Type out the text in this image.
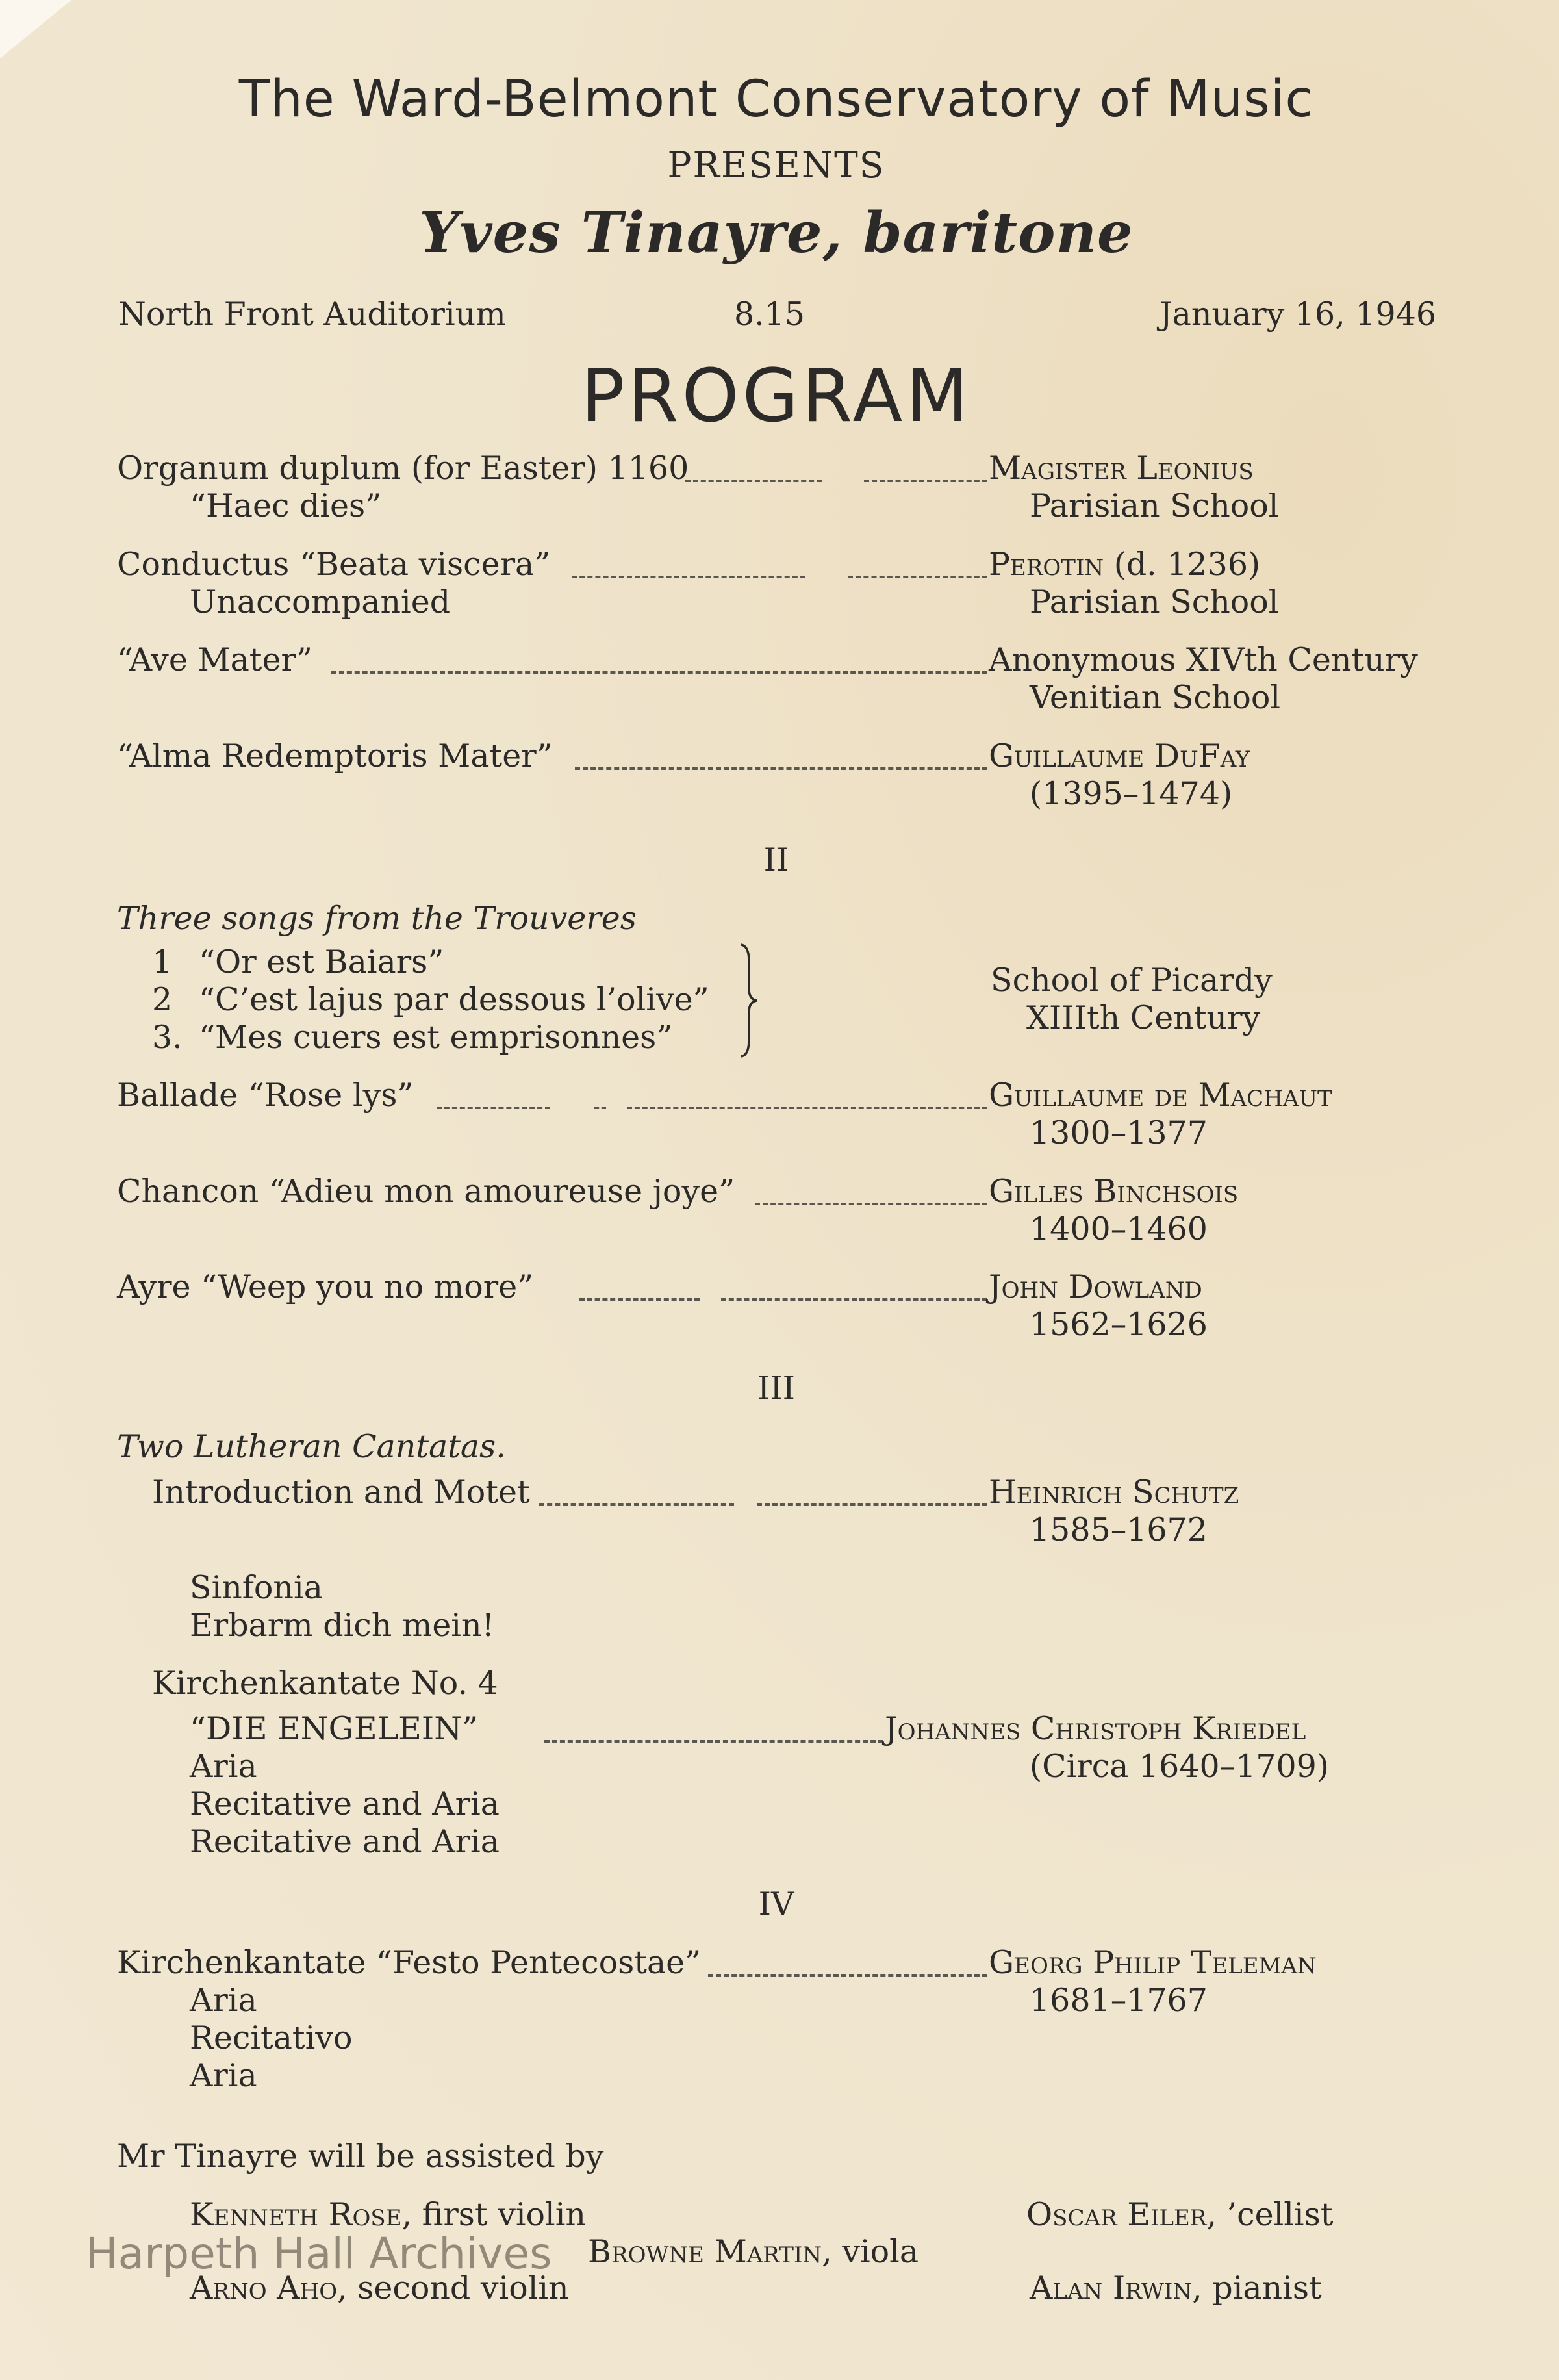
The Ward-Belmont Conservatory of Music
PRESENTS
Yves Tinayre, baritone
North Front Auditorium	8.15	January 16, 1946
PROGRAM
Organum duplum (for Easter) 1160	Magister Leonius
“Haec dies”	Parisian School
Conductus “Beata viscera”	Perotin (d. 1236)
Unaccompanied	Parisian School
“Ave Mater”	Anonymous XIVth Century
Venitian School
“Alma Redemptoris Mater”	Guillaume DuFay
(1395–1474)
II
Three songs from the Trouveres
1 “Or est Baiars”
2 “C’est lajus par dessous l’olive”
3. “Mes cuers est emprisonnes”
School of Picardy
XIIIth Century
Ballade “Rose lys”	Guillaume de Machaut
1300–1377
Chancon “Adieu mon amoureuse joye”	Gilles Binchsois
1400–1460
Ayre “Weep you no more”	John Dowland
1562–1626
III
Two Lutheran Cantatas.
Introduction and Motet	Heinrich Schutz
1585–1672
Sinfonia
Erbarm dich mein!
Kirchenkantate No. 4
“DIE ENGELEIN”	Johannes Christoph Kriedel
(Circa 1640–1709)
Aria
Recitative and Aria
Recitative and Aria
IV
Kirchenkantate “Festo Pentecostae”	Georg Philip Teleman
1681–1767
Aria
Recitativo
Aria
Mr Tinayre will be assisted by
Kenneth Rose, first violin	Oscar Eiler, ’cellist
Browne Martin, viola
Arno Aho, second violin	Alan Irwin, pianist
Harpeth Hall Archives
